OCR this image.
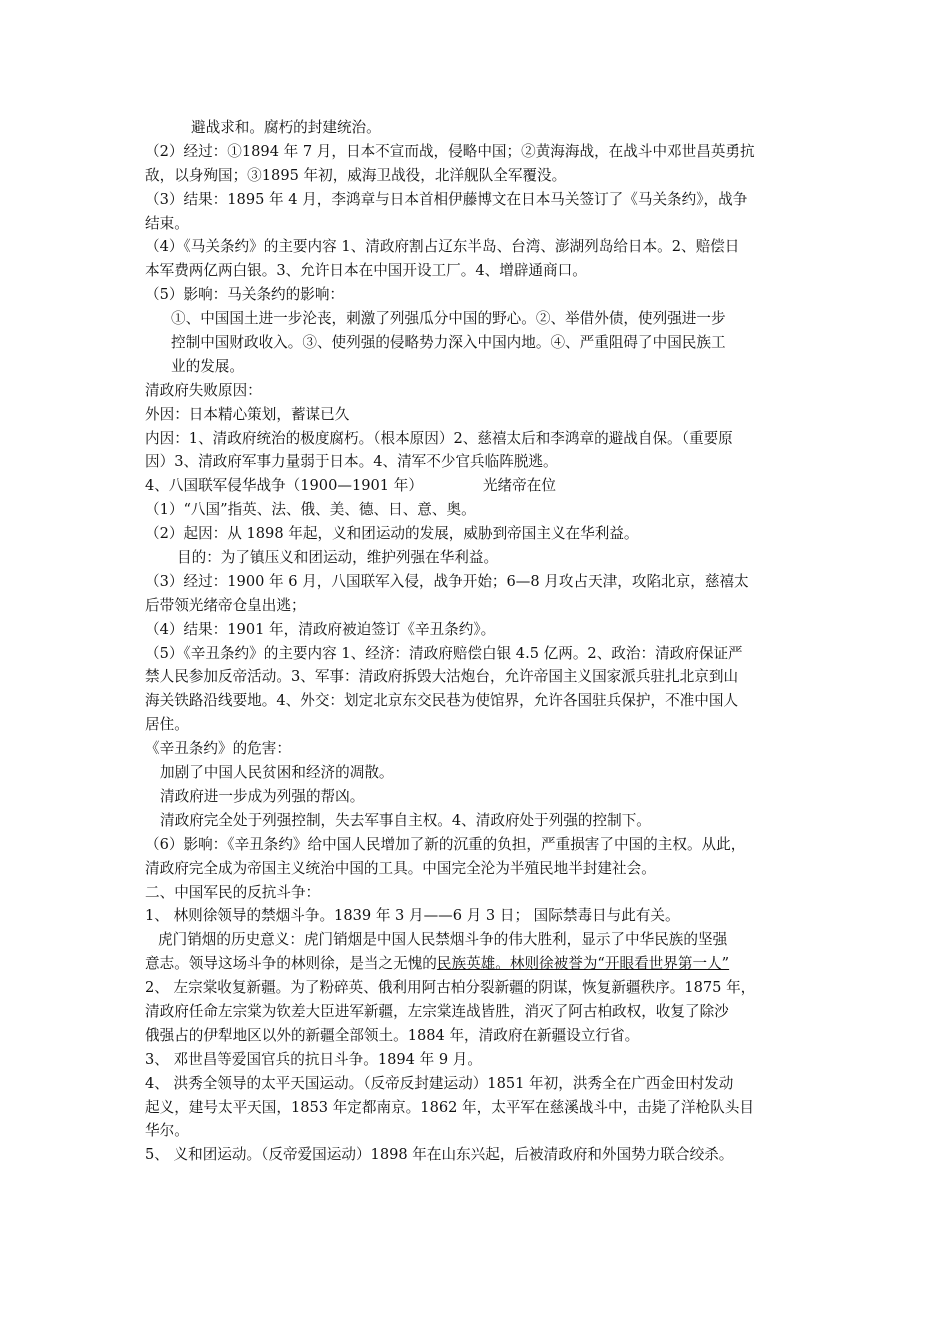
避战求和。腐朽的封建统治。
（2）经过：①1894 年 7 月，日本不宣而战，侵略中国；②黄海海战，在战斗中邓世昌英勇抗
敌，以身殉国；③1895 年初，威海卫战役，北洋舰队全军覆没。
（3）结果：1895 年 4 月，李鸿章与日本首相伊藤博文在日本马关签订了《马关条约》，战争
结束。
（4）《马关条约》的主要内容 1、清政府割占辽东半岛、台湾、澎湖列岛给日本。2、赔偿日
本军费两亿两白银。3、允许日本在中国开设工厂。4、增辟通商口。
（5）影响：马关条约的影响：
①、中国国土进一步沦丧，刺激了列强瓜分中国的野心。②、举借外债，使列强进一步
控制中国财政收入。③、使列强的侵略势力深入中国内地。④、严重阻碍了中国民族工
业的发展。
清政府失败原因：
外因：日本精心策划，蓄谋已久
内因：1、清政府统治的极度腐朽。（根本原因）2、慈禧太后和李鸿章的避战自保。（重要原
因）3、清政府军事力量弱于日本。4、清军不少官兵临阵脱逃。
4、八国联军侵华战争（1900—1901 年）	光绪帝在位
（1）“八国”指英、法、俄、美、德、日、意、奥。
（2）起因：从 1898 年起，义和团运动的发展，威胁到帝国主义在华利益。
目的：为了镇压义和团运动，维护列强在华利益。
（3）经过：1900 年 6 月，八国联军入侵，战争开始；6—8 月攻占天津，攻陷北京，慈禧太
后带领光绪帝仓皇出逃；
（4）结果：1901 年，清政府被迫签订《辛丑条约》。
（5）《辛丑条约》的主要内容 1、经济：清政府赔偿白银 4.5 亿两。2、政治：清政府保证严
禁人民参加反帝活动。3、军事：清政府拆毁大沽炮台，允许帝国主义国家派兵驻扎北京到山
海关铁路沿线要地。4、外交：划定北京东交民巷为使馆界，允许各国驻兵保护，不准中国人
居住。
《辛丑条约》的危害：
加剧了中国人民贫困和经济的凋散。
清政府进一步成为列强的帮凶。
清政府完全处于列强控制，失去军事自主权。4、清政府处于列强的控制下。
（6）影响：《辛丑条约》给中国人民增加了新的沉重的负担，严重损害了中国的主权。从此，
清政府完全成为帝国主义统治中国的工具。中国完全沦为半殖民地半封建社会。
二、中国军民的反抗斗争：
1、 林则徐领导的禁烟斗争。1839 年 3 月——6 月 3 日； 国际禁毒日与此有关。
虎门销烟的历史意义：虎门销烟是中国人民禁烟斗争的伟大胜利，显示了中华民族的坚强
意志。领导这场斗争的林则徐，是当之无愧的民族英雄。林则徐被誉为“开眼看世界第一人”
2、 左宗棠收复新疆。为了粉碎英、俄利用阿古柏分裂新疆的阴谋，恢复新疆秩序。1875 年，
清政府任命左宗棠为钦差大臣进军新疆，左宗棠连战皆胜，消灭了阿古柏政权，收复了除沙
俄强占的伊犁地区以外的新疆全部领土。1884 年，清政府在新疆设立行省。
3、 邓世昌等爱国官兵的抗日斗争。1894 年 9 月。
4、 洪秀全领导的太平天国运动。（反帝反封建运动）1851 年初，洪秀全在广西金田村发动
起义，建号太平天国，1853 年定都南京。1862 年，太平军在慈溪战斗中，击毙了洋枪队头目
华尔。
5、 义和团运动。（反帝爱国运动）1898 年在山东兴起，后被清政府和外国势力联合绞杀。
